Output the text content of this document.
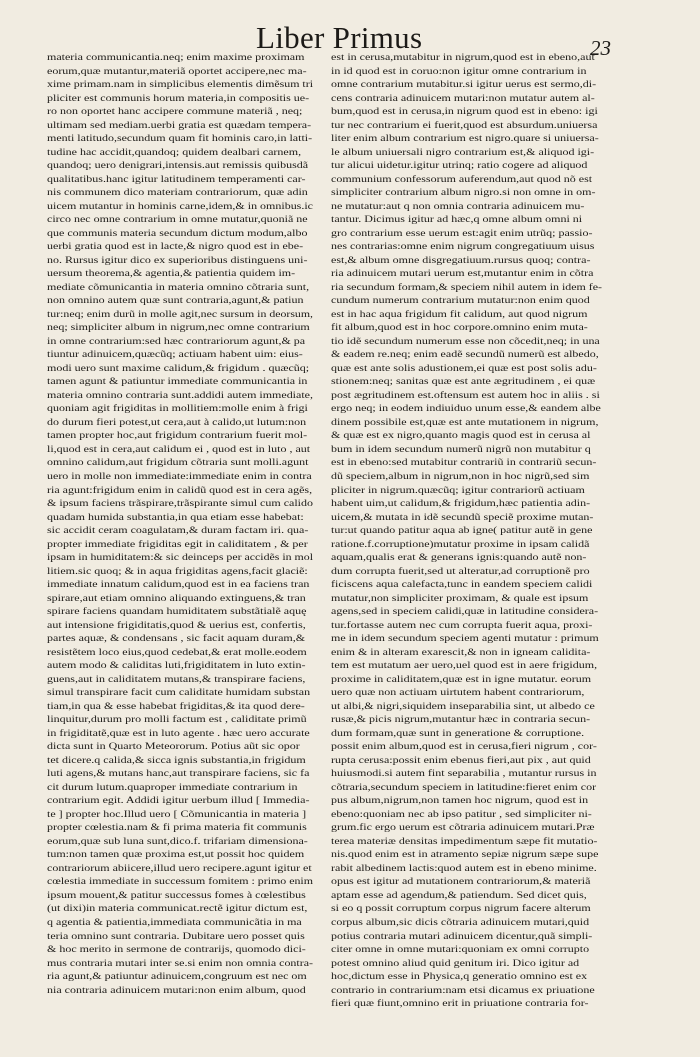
Liber Primus	23
materia communicantia.neq; enim maxime proximam
eorum,quæ mutantur,materiã oportet accipere,nec ma-
xime primam.nam in simplicibus elementis dimẽsum tri
pliciter est communis horum materia,in compositis ue-
ro non oportet hanc accipere commune materiã , neq;
ultimam sed mediam.uerbi gratia est quædam tempera-
menti latitudo,secundum quam fit hominis caro,in latti-
tudine hac accidit,quandoq; quidem dealbari carnem,
quandoq; uero denigrari,intensis.aut remissis quibusdã
qualitatibus.hanc igitur latitudinem temperamenti car-
nis communem dico materiam contrariorum, quæ adin
uicem mutantur in hominis carne,idem,& in omnibus.ic
circo nec omne contrarium in omne mutatur,quoniã ne
que communis materia secundum dictum modum,albo
uerbi gratia quod est in lacte,& nigro quod est in ebe-
no. Rursus igitur dico ex superioribus distinguens uni-
uersum theorema,& agentia,& patientia quidem im-
mediate cõmunicantia in materia omnino cõtraria sunt,
non omnino autem quæ sunt contraria,agunt,& patiun
tur:neq; enim durũ in molle agit,nec sursum in deorsum,
neq; simpliciter album in nigrum,nec omne contrarium
in omne contrarium:sed hæc contrariorum agunt,& pa
tiuntur adinuicem,quæcũq; actiuam habent uim: eius-
modi uero sunt maxime calidum,& frigidum . quæcũq;
tamen agunt & patiuntur immediate communicantia in
materia omnino contraria sunt.addidi autem immediate,
quoniam agit frigiditas in mollitiem:molle enim à frigi
do durum fieri potest,ut cera,aut à calido,ut lutum:non
tamen propter hoc,aut frigidum contrarium fuerit mol-
li,quod est in cera,aut calidum ei , quod est in luto , aut
omnino calidum,aut frigidum cõtraria sunt molli.agunt
uero in molle non immediate:immediate enim in contra
ria agunt:frigidum enim in calidũ quod est in cera agẽs,
& ipsum faciens trãspirare,trãspirante simul cum calido
quadam humida substantia,in qua etiam esse habebat:
sic accidit ceram coagulatam,& duram factam iri. qua-
propter immediate frigiditas egit in caliditatem , & per
ipsam in humiditatem:& sic deinceps per accidẽs in mol
litiem.sic quoq; & in aqua frigiditas agens,facit glaciẽ:
immediate innatum calidum,quod est in ea faciens tran
spirare,aut etiam omnino aliquando extinguens,& tran
spirare faciens quandam humiditatem substãtialẽ aquę
aut intensione frigiditatis,quod & uerius est, confertis,
partes aquæ, & condensans , sic facit aquam duram,&
resistẽtem loco eius,quod cedebat,& erat molle.eodem
autem modo & caliditas luti,frigiditatem in luto extin-
guens,aut in caliditatem mutans,& transpirare faciens,
simul transpirare facit cum caliditate humidam substan
tiam,in qua & esse habebat frigiditas,& ita quod dere-
linquitur,durum pro molli factum est , caliditate primũ
in frigiditatẽ,quæ est in luto agente . hæc uero accurate
dicta sunt in Quarto Meteororum. Potius aũt sic opor
tet dicere.q calida,& sicca ignis substantia,in frigidum
luti agens,& mutans hanc,aut transpirare faciens, sic fa
cit durum lutum.quaproper immediate contrarium in
contrarium egit. Addidi igitur uerbum illud [ Immedia-
te ] propter hoc.Illud uero [ Cõmunicantia in materia ]
propter cœlestia.nam & fi prima materia fit communis
eorum,quæ sub luna sunt,dico.f. trifariam dimensiona-
tum:non tamen quæ proxima est,ut possit hoc quidem
contrariorum abiicere,illud uero recipere.agunt igitur et
cœlestia immediate in successum fomitem : primo enim
ipsum mouent,& patitur successus fomes à cœlestibus
(ut dixi)in materia communicat.rectẽ igitur dictum est,
q agentia & patientia,immediata communicãtia in ma
teria omnino sunt contraria. Dubitare uero posset quis
& hoc merito in sermone de contrarijs, quomodo dici-
mus contraria mutari inter se.si enim non omnia contra-
ria agunt,& patiuntur adinuicem,congruum est nec om
nia contraria adinuicem mutari:non enim album, quod
est in cerusa,mutabitur in nigrum,quod est in ebeno,aut
in id quod est in coruo:non igitur omne contrarium in
omne contrarium mutabitur.si igitur uerus est sermo,di-
cens contraria adinuicem mutari:non mutatur autem al-
bum,quod est in cerusa,in nigrum quod est in ebeno: igi
tur nec contrarium ei fuerit,quod est absurdum.uniuersa
liter enim album contrarium est nigro.quare si uniuersa-
le album uniuersali nigro contrarium est,& aliquod igi-
tur alicui uidetur.igitur utrinq; ratio cogere ad aliquod
communium confessorum auferendum,aut quod nõ est
simpliciter contrarium album nigro.si non omne in om-
ne mutatur:aut q non omnia contraria adinuicem mu-
tantur. Dicimus igitur ad hæc,q omne album omni ni
gro contrarium esse uerum est:agit enim utrũq; passio-
nes contrarias:omne enim nigrum congregatiuum uisus
est,& album omne disgregatiuum.rursus quoq; contra-
ria adinuicem mutari uerum est,mutantur enim in cõtra
ria secundum formam,& speciem nihil autem in idem fe-
cundum numerum contrarium mutatur:non enim quod
est in hac aqua frigidum fit calidum, aut quod nigrum
fit album,quod est in hoc corpore.omnino enim muta-
tio idẽ secundum numerum esse non cõcedit,neq; in una
& eadem re.neq; enim eadẽ secundũ numerũ est albedo,
quæ est ante solis adustionem,ei quæ est post solis adu-
stionem:neq; sanitas quæ est ante ægritudinem , ei quæ
post ægritudinem est.oftensum est autem hoc in aliis . si
ergo neq; in eodem indiuiduo unum esse,& eandem albe
dinem possibile est,quæ est ante mutationem in nigrum,
& quæ est ex nigro,quanto magis quod est in cerusa al
bum in idem secundum numerũ nigrũ non mutabitur q
est in ebeno:sed mutabitur contrariũ in contrariũ secun-
dũ speciem,album in nigrum,non in hoc nigrũ,sed sim
pliciter in nigrum.quæcũq; igitur contrariorũ actiuam
habent uim,ut calidum,& frigidum,hæc patientia adin-
uicem,& mutata in idẽ secundũ speciẽ proxime mutan-
tur:ut quando patitur aqua ab igne( patitur autẽ in gene
ratione.f.corruptione)mutatur proxime in ipsam calidã
aquam,qualis erat & generans ignis:quando autẽ non-
dum corrupta fuerit,sed ut alteratur,ad corruptionẽ pro
ficiscens aqua calefacta,tunc in eandem speciem calidi
mutatur,non simpliciter proximam, & quale est ipsum
agens,sed in speciem calidi,quæ in latitudine considera-
tur.fortasse autem nec cum corrupta fuerit aqua, proxi-
me in idem secundum speciem agenti mutatur : primum
enim & in alteram exarescit,& non in igneam calidita-
tem est mutatum aer uero,uel quod est in aere frigidum,
proxime in caliditatem,quæ est in igne mutatur. eorum
uero quæ non actiuam uirtutem habent contrariorum,
ut albi,& nigri,siquidem inseparabilia sint, ut albedo ce
rusæ,& picis nigrum,mutantur hæc in contraria secun-
dum formam,quæ sunt in generatione & corruptione.
possit enim album,quod est in cerusa,fieri nigrum , cor-
rupta cerusa:possit enim ebenus fieri,aut pix , aut quid
huiusmodi.si autem fint separabilia , mutantur rursus in
cõtraria,secundum speciem in latitudine:fieret enim cor
pus album,nigrum,non tamen hoc nigrum, quod est in
ebeno:quoniam nec ab ipso patitur , sed simpliciter ni-
grum.fic ergo uerum est cõtraria adinuicem mutari.Præ
terea materiæ densitas impedimentum sæpe fit mutatio-
nis.quod enim est in atramento sepiæ nigrum sæpe supe
rabit albedinem lactis:quod autem est in ebeno minime.
opus est igitur ad mutationem contrariorum,& materiã
aptam esse ad agendum,& patiendum. Sed dicet quis,
si eo q possit corruptum corpus nigrum facere alterum
corpus album,sic dicis cõtraria adinuicem mutari,quid
potius contraria mutari adinuicem dicentur,quã simpli-
citer omne in omne mutari:quoniam ex omni corrupto
potest omnino aliud quid genitum iri. Dico igitur ad
hoc,dictum esse in Physica,q generatio omnino est ex
contrario in contrarium:nam etsi dicamus ex priuatione
fieri quæ fiunt,omnino erit in priuatione contraria for-
